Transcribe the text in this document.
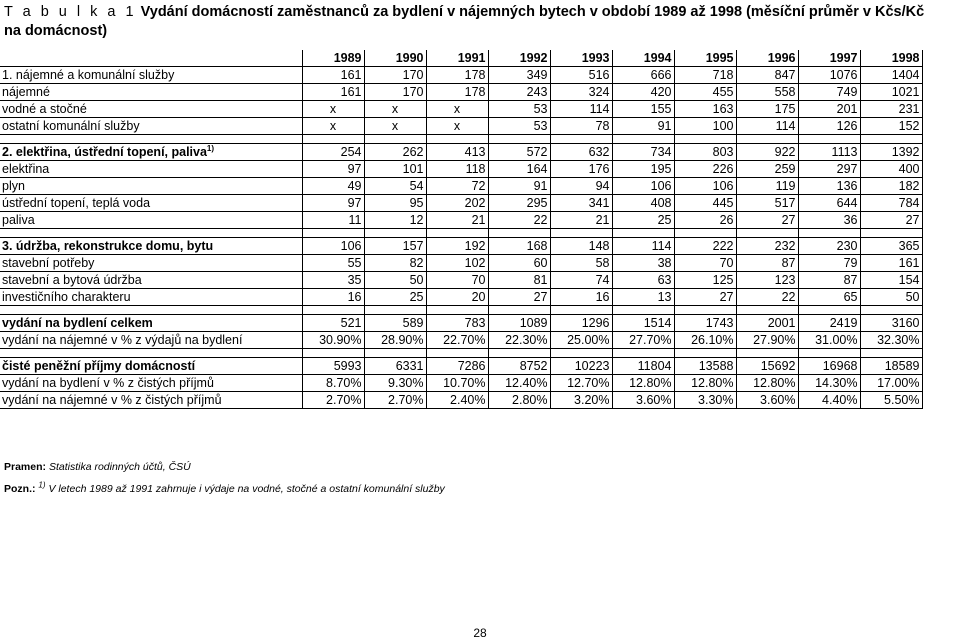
T a b u l k a 1 Vydání domácností zaměstnanců za bydlení v nájemných bytech v období 1989 až 1998 (měsíční průměr v Kčs/Kč na domácnost)
	1989	1990	1991	1992	1993	1994	1995	1996	1997	1998
1. nájemné a komunální služby	161	170	178	349	516	666	718	847	1076	1404
nájemné	161	170	178	243	324	420	455	558	749	1021
vodné a stočné	x	x	x	53	114	155	163	175	201	231
ostatní komunální služby	x	x	x	53	78	91	100	114	126	152

2. elektřina, ústřední topení, paliva$^{1)}$	254	262	413	572	632	734	803	922	1113	1392
elektřina	97	101	118	164	176	195	226	259	297	400
plyn	49	54	72	91	94	106	106	119	136	182
ústřední topení, teplá voda	97	95	202	295	341	408	445	517	644	784
paliva	11	12	21	22	21	25	26	27	36	27

3. údržba, rekonstrukce domu, bytu	106	157	192	168	148	114	222	232	230	365
stavební potřeby	55	82	102	60	58	38	70	87	79	161
stavební a bytová údržba	35	50	70	81	74	63	125	123	87	154
investičního charakteru	16	25	20	27	16	13	27	22	65	50

vydání na bydlení celkem	521	589	783	1089	1296	1514	1743	2001	2419	3160
vydání na nájemné v % z výdajů na bydlení	30.90%	28.90%	22.70%	22.30%	25.00%	27.70%	26.10%	27.90%	31.00%	32.30%

čisté peněžní příjmy domácností	5993	6331	7286	8752	10223	11804	13588	15692	16968	18589
vydání na bydlení v % z čistých příjmů	8.70%	9.30%	10.70%	12.40%	12.70%	12.80%	12.80%	12.80%	14.30%	17.00%
vydání na nájemné v % z čistých příjmů	2.70%	2.70%	2.40%	2.80%	3.20%	3.60%	3.30%	3.60%	4.40%	5.50%
Pramen: Statistika rodinných účtů, ČSÚ
Pozn.: $^{1)}$ V letech 1989 až 1991 zahrnuje i výdaje na vodné, stočné a ostatní komunální služby
28
